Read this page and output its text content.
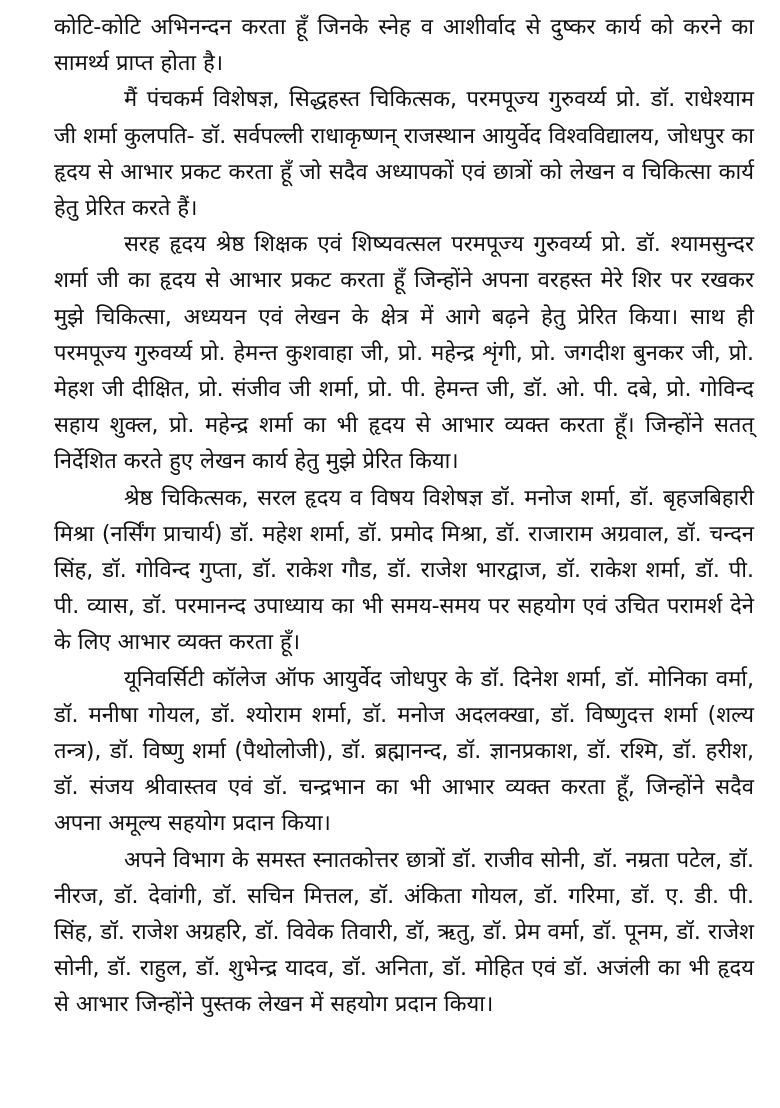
कोटि-कोटि अभिनन्दन करता हूँ जिनके स्नेह व आशीर्वाद से दुष्कर कार्य को करने का सामर्थ्य प्राप्त होता है।

मैं पंचकर्म विशेषज्ञ, सिद्धहस्त चिकित्सक, परमपूज्य गुरुवर्य्य प्रो. डॉ. राधेश्याम जी शर्मा कुलपति- डॉ. सर्वपल्ली राधाकृष्णन् राजस्थान आयुर्वेद विश्वविद्यालय, जोधपुर का हृदय से आभार प्रकट करता हूँ जो सदैव अध्यापकों एवं छात्रों को लेखन व चिकित्सा कार्य हेतु प्रेरित करते हैं।

सरह हृदय श्रेष्ठ शिक्षक एवं शिष्यवत्सल परमपूज्य गुरुवर्य्य प्रो. डॉ. श्यामसुन्दर शर्मा जी का हृदय से आभार प्रकट करता हूँ जिन्होंने अपना वरहस्त मेरे शिर पर रखकर मुझे चिकित्सा, अध्ययन एवं लेखन के क्षेत्र में आगे बढ़ने हेतु प्रेरित किया। साथ ही परमपूज्य गुरुवर्य्य प्रो. हेमन्त कुशवाहा जी, प्रो. महेन्द्र शृंगी, प्रो. जगदीश बुनकर जी, प्रो. मेहश जी दीक्षित, प्रो. संजीव जी शर्मा, प्रो. पी. हेमन्त जी, डॉ. ओ. पी. दबे, प्रो. गोविन्द सहाय शुक्ल, प्रो. महेन्द्र शर्मा का भी हृदय से आभार व्यक्त करता हूँ। जिन्होंने सतत् निर्देशित करते हुए लेखन कार्य हेतु मुझे प्रेरित किया।

श्रेष्ठ चिकित्सक, सरल हृदय व विषय विशेषज्ञ डॉ. मनोज शर्मा, डॉ. बृहजबिहारी मिश्रा (नर्सिंग प्राचार्य) डॉ. महेश शर्मा, डॉ. प्रमोद मिश्रा, डॉ. राजाराम अग्रवाल, डॉ. चन्दन सिंह, डॉ. गोविन्द गुप्ता, डॉ. राकेश गौड, डॉ. राजेश भारद्वाज, डॉ. राकेश शर्मा, डॉ. पी. पी. व्यास, डॉ. परमानन्द उपाध्याय का भी समय-समय पर सहयोग एवं उचित परामर्श देने के लिए आभार व्यक्त करता हूँ।

यूनिवर्सिटी कॉलेज ऑफ आयुर्वेद जोधपुर के डॉ. दिनेश शर्मा, डॉ. मोनिका वर्मा, डॉ. मनीषा गोयल, डॉ. श्योराम शर्मा, डॉ. मनोज अदलक्खा, डॉ. विष्णुदत्त शर्मा (शल्य तन्त्र), डॉ. विष्णु शर्मा (पैथोलोजी), डॉ. ब्रह्मानन्द, डॉ. ज्ञानप्रकाश, डॉ. रश्मि, डॉ. हरीश, डॉ. संजय श्रीवास्तव एवं डॉ. चन्द्रभान का भी आभार व्यक्त करता हूँ, जिन्होंने सदैव अपना अमूल्य सहयोग प्रदान किया।

अपने विभाग के समस्त स्नातकोत्तर छात्रों डॉ. राजीव सोनी, डॉ. नम्रता पटेल, डॉ. नीरज, डॉ. देवांगी, डॉ. सचिन मित्तल, डॉ. अंकिता गोयल, डॉ. गरिमा, डॉ. ए. डी. पी. सिंह, डॉ. राजेश अग्रहरि, डॉ. विवेक तिवारी, डॉ, ऋतु, डॉ. प्रेम वर्मा, डॉ. पूनम, डॉ. राजेश सोनी, डॉ. राहुल, डॉ. शुभेन्द्र यादव, डॉ. अनिता, डॉ. मोहित एवं डॉ. अजंली का भी हृदय से आभार जिन्होंने पुस्तक लेखन में सहयोग प्रदान किया।
